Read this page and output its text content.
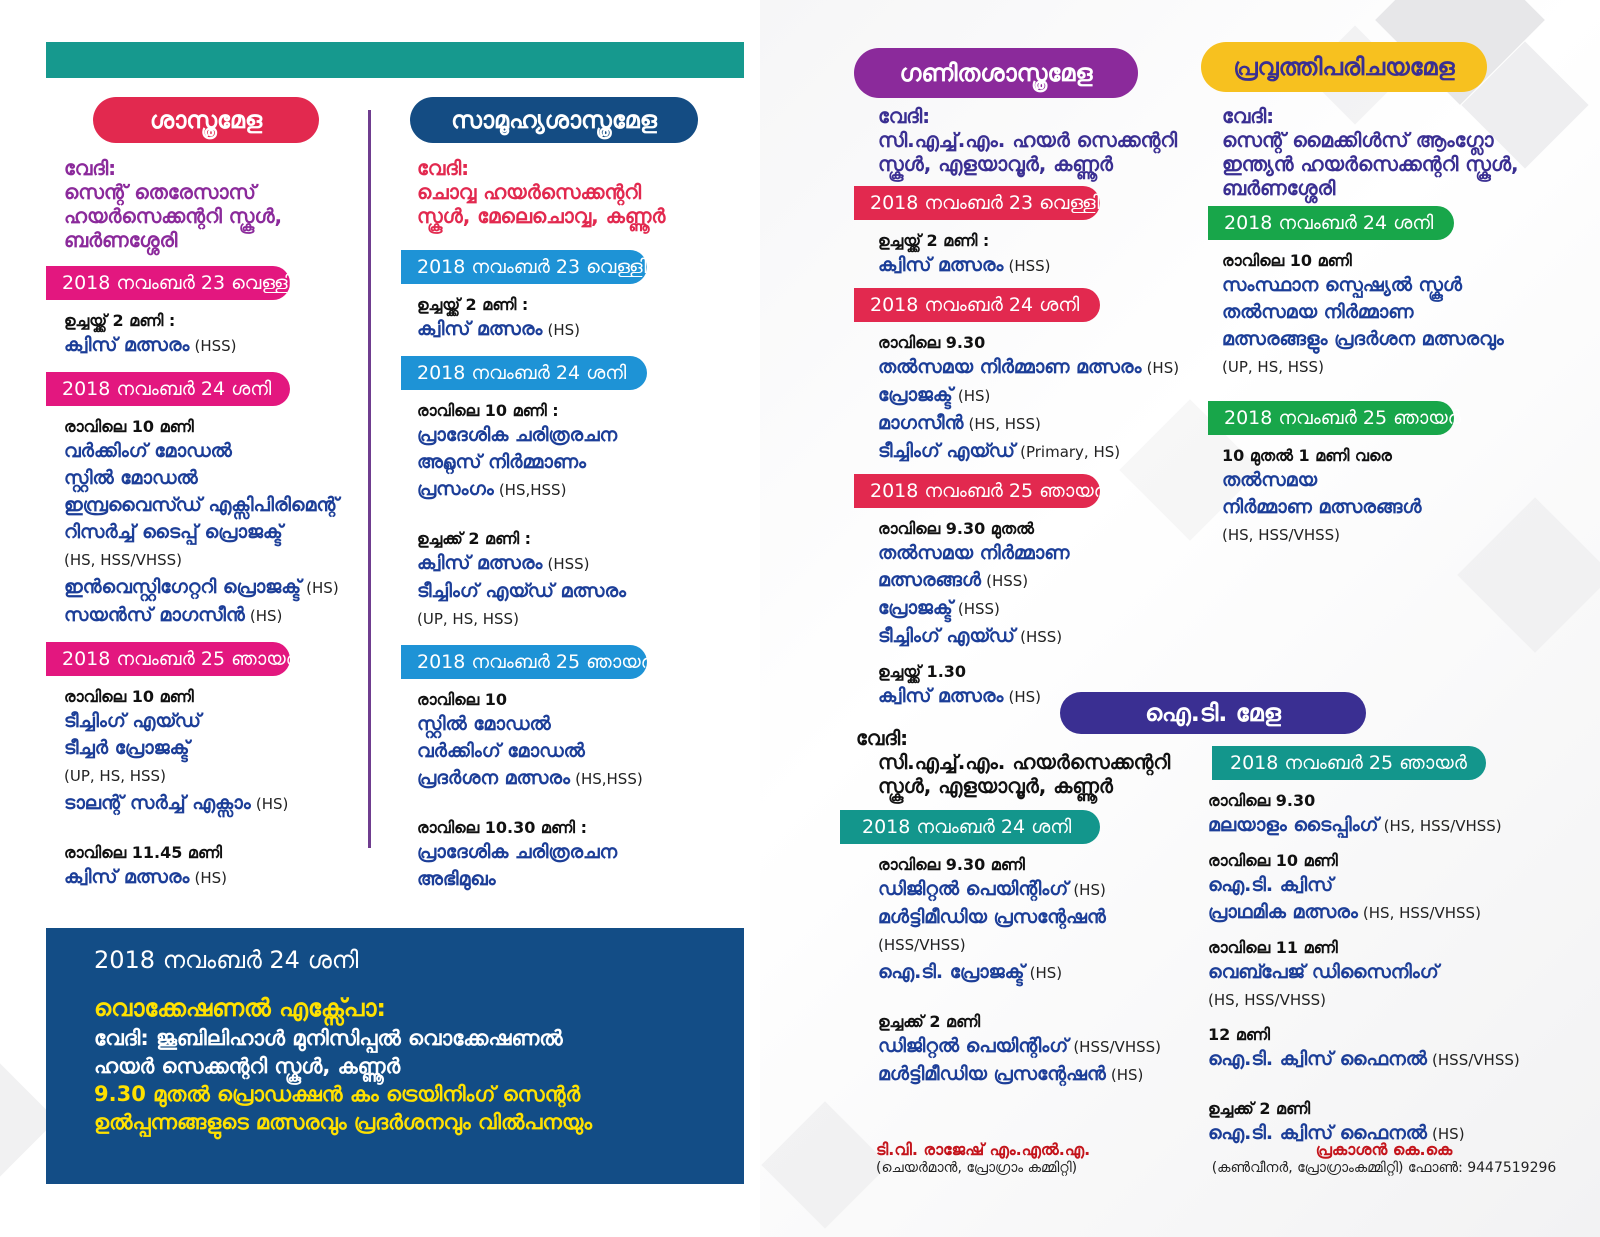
ശാസ്ത്രമേള
വേദി:
സെന്റ് തെരേസാസ്
ഹയർസെക്കന്ററി സ്കൂൾ,
ബർണശ്ശേരി
2018 നവംബർ 23 വെള്ളി
ഉച്ചയ്ക്ക് 2 മണി :
ക്വിസ് മത്സരം (HSS)
2018 നവംബർ 24 ശനി
രാവിലെ 10 മണി
വർക്കിംഗ് മോഡൽ
സ്റ്റിൽ മോഡൽ
ഇമ്പ്രവൈസ്ഡ് എക്സിപിരിമെന്റ്
റിസർച്ച് ടൈപ്പ് പ്രൊജക്ട്
(HS, HSS/VHSS)
ഇൻവെസ്റ്റിഗേറ്ററി പ്രൊജക്ട് (HS)
സയൻസ് മാഗസീൻ (HS)
2018 നവംബർ 25 ഞായർ
രാവിലെ 10 മണി
ടീച്ചിംഗ് എയ്ഡ്
ടീച്ചർ പ്രോജക്ട്
(UP, HS, HSS)
ടാലന്റ് സർച്ച് എക്സാം (HS)
രാവിലെ 11.45 മണി
ക്വിസ് മത്സരം (HS)
സാമൂഹ്യശാസ്ത്രമേള
വേദി:
ചൊവ്വ ഹയർസെക്കന്ററി
സ്കൂൾ, മേലെചൊവ്വ, കണ്ണൂർ
2018 നവംബർ 23 വെള്ളി
ഉച്ചയ്ക്ക് 2 മണി :
ക്വിസ് മത്സരം (HS)
2018 നവംബർ 24 ശനി
രാവിലെ 10 മണി :
പ്രാദേശിക ചരിത്രരചന
അറ്റ്ലസ് നിർമ്മാണം
പ്രസംഗം (HS,HSS)
ഉച്ചക്ക് 2 മണി :
ക്വിസ് മത്സരം (HSS)
ടീച്ചിംഗ് എയ്ഡ് മത്സരം
(UP, HS, HSS)
2018 നവംബർ 25 ഞായർ
രാവിലെ 10
സ്റ്റിൽ മോഡൽ
വർക്കിംഗ് മോഡൽ
പ്രദർശന മത്സരം (HS,HSS)
രാവിലെ 10.30 മണി :
പ്രാദേശിക ചരിത്രരചന
അഭിമുഖം
2018 നവംബർ 24 ശനി
വൊക്കേഷണൽ എക്സ്പോ:
വേദി: ജൂബിലിഹാൾ മുനിസിപ്പൽ വൊക്കേഷണൽ
ഹയർ സെക്കന്ററി സ്കൂൾ, കണ്ണൂർ
9.30 മുതൽ പ്രൊഡക്ഷൻ കം ട്രെയിനിംഗ് സെന്റർ
ഉൽപ്പന്നങ്ങളുടെ മത്സരവും പ്രദർശനവും വിൽപനയും
ഗണിതശാസ്ത്രമേള
വേദി:
സി.എച്ച്.എം. ഹയർ സെക്കന്ററി
സ്കൂൾ, എളയാവൂർ, കണ്ണൂർ
2018 നവംബർ 23 വെള്ളി
ഉച്ചയ്ക്ക് 2 മണി :
ക്വിസ് മത്സരം (HSS)
2018 നവംബർ 24 ശനി
രാവിലെ 9.30
തൽസമയ നിർമ്മാണ മത്സരം (HS)
പ്രോജക്ട് (HS)
മാഗസീൻ (HS, HSS)
ടീച്ചിംഗ് എയ്ഡ് (Primary, HS)
2018 നവംബർ 25 ഞായർ
രാവിലെ 9.30 മുതൽ
തൽസമയ നിർമ്മാണ
മത്സരങ്ങൾ (HSS)
പ്രോജക്ട് (HSS)
ടീച്ചിംഗ് എയ്ഡ് (HSS)
ഉച്ചയ്ക്ക് 1.30
ക്വിസ് മത്സരം (HS)
പ്രവൃത്തിപരിചയമേള
വേദി:
സെന്റ് മൈക്കിൾസ് ആംഗ്ലോ
ഇന്ത്യൻ ഹയർസെക്കന്ററി സ്കൂൾ,
ബർണശ്ശേരി
2018 നവംബർ 24 ശനി
രാവിലെ 10 മണി
സംസ്ഥാന സ്പെഷ്യൽ സ്കൂൾ
തൽസമയ നിർമ്മാണ
മത്സരങ്ങളും പ്രദർശന മത്സരവും
(UP, HS, HSS)
2018 നവംബർ 25 ഞായർ
10 മുതൽ 1 മണി വരെ
തൽസമയ
നിർമ്മാണ മത്സരങ്ങൾ
(HS, HSS/VHSS)
ഐ.ടി. മേള
വേദി:
സി.എച്ച്.എം. ഹയർസെക്കന്ററി
സ്കൂൾ, എളയാവൂർ, കണ്ണൂർ
2018 നവംബർ 24 ശനി
രാവിലെ 9.30 മണി
ഡിജിറ്റൽ പെയിന്റിംഗ് (HS)
മൾട്ടിമീഡിയ പ്രസന്റേഷൻ
(HSS/VHSS)
ഐ.ടി. പ്രോജക്ട് (HS)
ഉച്ചക്ക് 2 മണി
ഡിജിറ്റൽ പെയിന്റിംഗ് (HSS/VHSS)
മൾട്ടിമീഡിയ പ്രസന്റേഷൻ (HS)
2018 നവംബർ 25 ഞായർ
രാവിലെ 9.30
മലയാളം ടൈപ്പിംഗ് (HS, HSS/VHSS)
രാവിലെ 10 മണി
ഐ.ടി. ക്വിസ്
പ്രാഥമിക മത്സരം (HS, HSS/VHSS)
രാവിലെ 11 മണി
വെബ്പേജ് ഡിസൈനിംഗ്
(HS, HSS/VHSS)
12 മണി
ഐ.ടി. ക്വിസ് ഫൈനൽ (HSS/VHSS)
ഉച്ചക്ക് 2 മണി
ഐ.ടി. ക്വിസ് ഫൈനൽ (HS)
ടി.വി. രാജേഷ് എം.എൽ.എ.
(ചെയർമാൻ, പ്രോഗ്രാം കമ്മിറ്റി)
പ്രകാശൻ കെ.കെ
(കൺവീനർ, പ്രോഗ്രാംകമ്മിറ്റി) ഫോൺ: 9447519296
